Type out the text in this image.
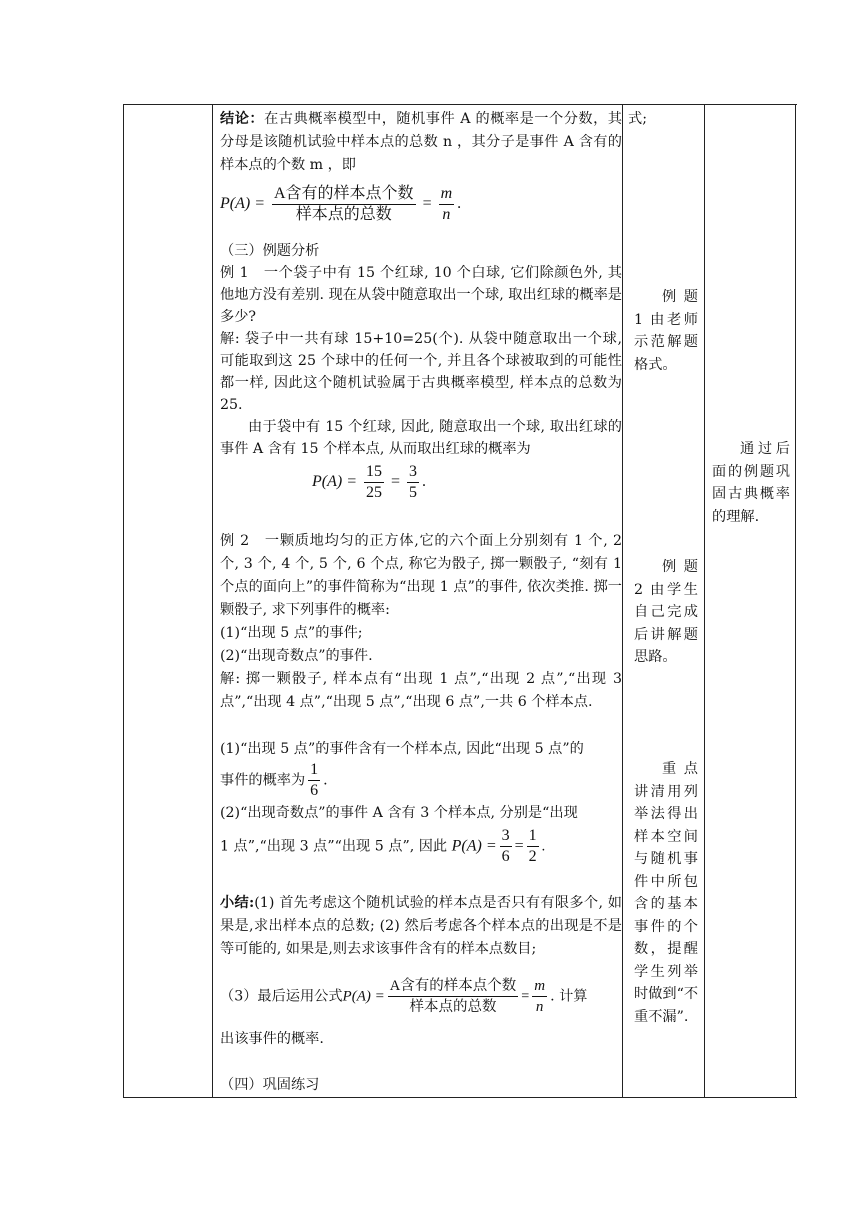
结论：在古典概率模型中，随机事件 A 的概率是一个分数，其分母是该随机试验中样本点的总数 n ，其分子是事件 A 含有的样本点的个数 m ，即
$P(A) = \frac{\text{A含有的样本点个数}}{\text{样本点的总数}} = \frac{m}{n}$ .
（三）例题分析
例 1　一个袋子中有 15 个红球, 10 个白球, 它们除颜色外, 其他地方没有差别. 现在从袋中随意取出一个球, 取出红球的概率是多少?
解: 袋子中一共有球 15+10=25(个). 从袋中随意取出一个球, 可能取到这 25 个球中的任何一个, 并且各个球被取到的可能性都一样, 因此这个随机试验属于古典概率模型, 样本点的总数为 25.
由于袋中有 15 个红球, 因此, 随意取出一个球, 取出红球的事件 A 含有 15 个样本点, 从而取出红球的概率为
$P(A) = \frac{15}{25} = \frac{3}{5}$ .
例 2　一颗质地均匀的正方体,它的六个面上分别刻有 1 个, 2 个, 3 个, 4 个, 5 个, 6 个点, 称它为骰子, 掷一颗骰子, “刻有 1 个点的面向上”的事件简称为“出现 1 点”的事件, 依次类推. 掷一颗骰子, 求下列事件的概率:
(1)“出现 5 点”的事件;
(2)“出现奇数点”的事件.
解: 掷一颗骰子, 样本点有“出现 1 点”,“出现 2 点”,“出现 3 点”,“出现 4 点”,“出现 5 点”,“出现 6 点”,一共 6 个样本点.
(1)“出现 5 点”的事件含有一个样本点, 因此“出现 5 点”的
事件的概率为 $\frac{1}{6}$ .
(2)“出现奇数点”的事件 A 含有 3 个样本点, 分别是“出现
1 点”,“出现 3 点”“出现 5 点”, 因此 $P(A) = \frac{3}{6} = \frac{1}{2}$ .
小结:(1) 首先考虑这个随机试验的样本点是否只有有限多个, 如果是,求出样本点的总数; (2) 然后考虑各个样本点的出现是不是等可能的, 如果是,则去求该事件含有的样本点数目;
（3）最后运用公式$P(A) = \frac{\text{A含有的样本点个数}}{\text{样本点的总数}} = \frac{m}{n}$ . 计算
出该事件的概率.
（四）巩固练习
式;
例题 1 由老师示范解题格式。
例题 2 由学生自己完成后讲解题思路。
重点讲清用列举法得出样本空间与随机事件中所包含的基本事件的个数，提醒学生列举时做到“不重不漏”.
通过后面的例题巩固古典概率的理解.
